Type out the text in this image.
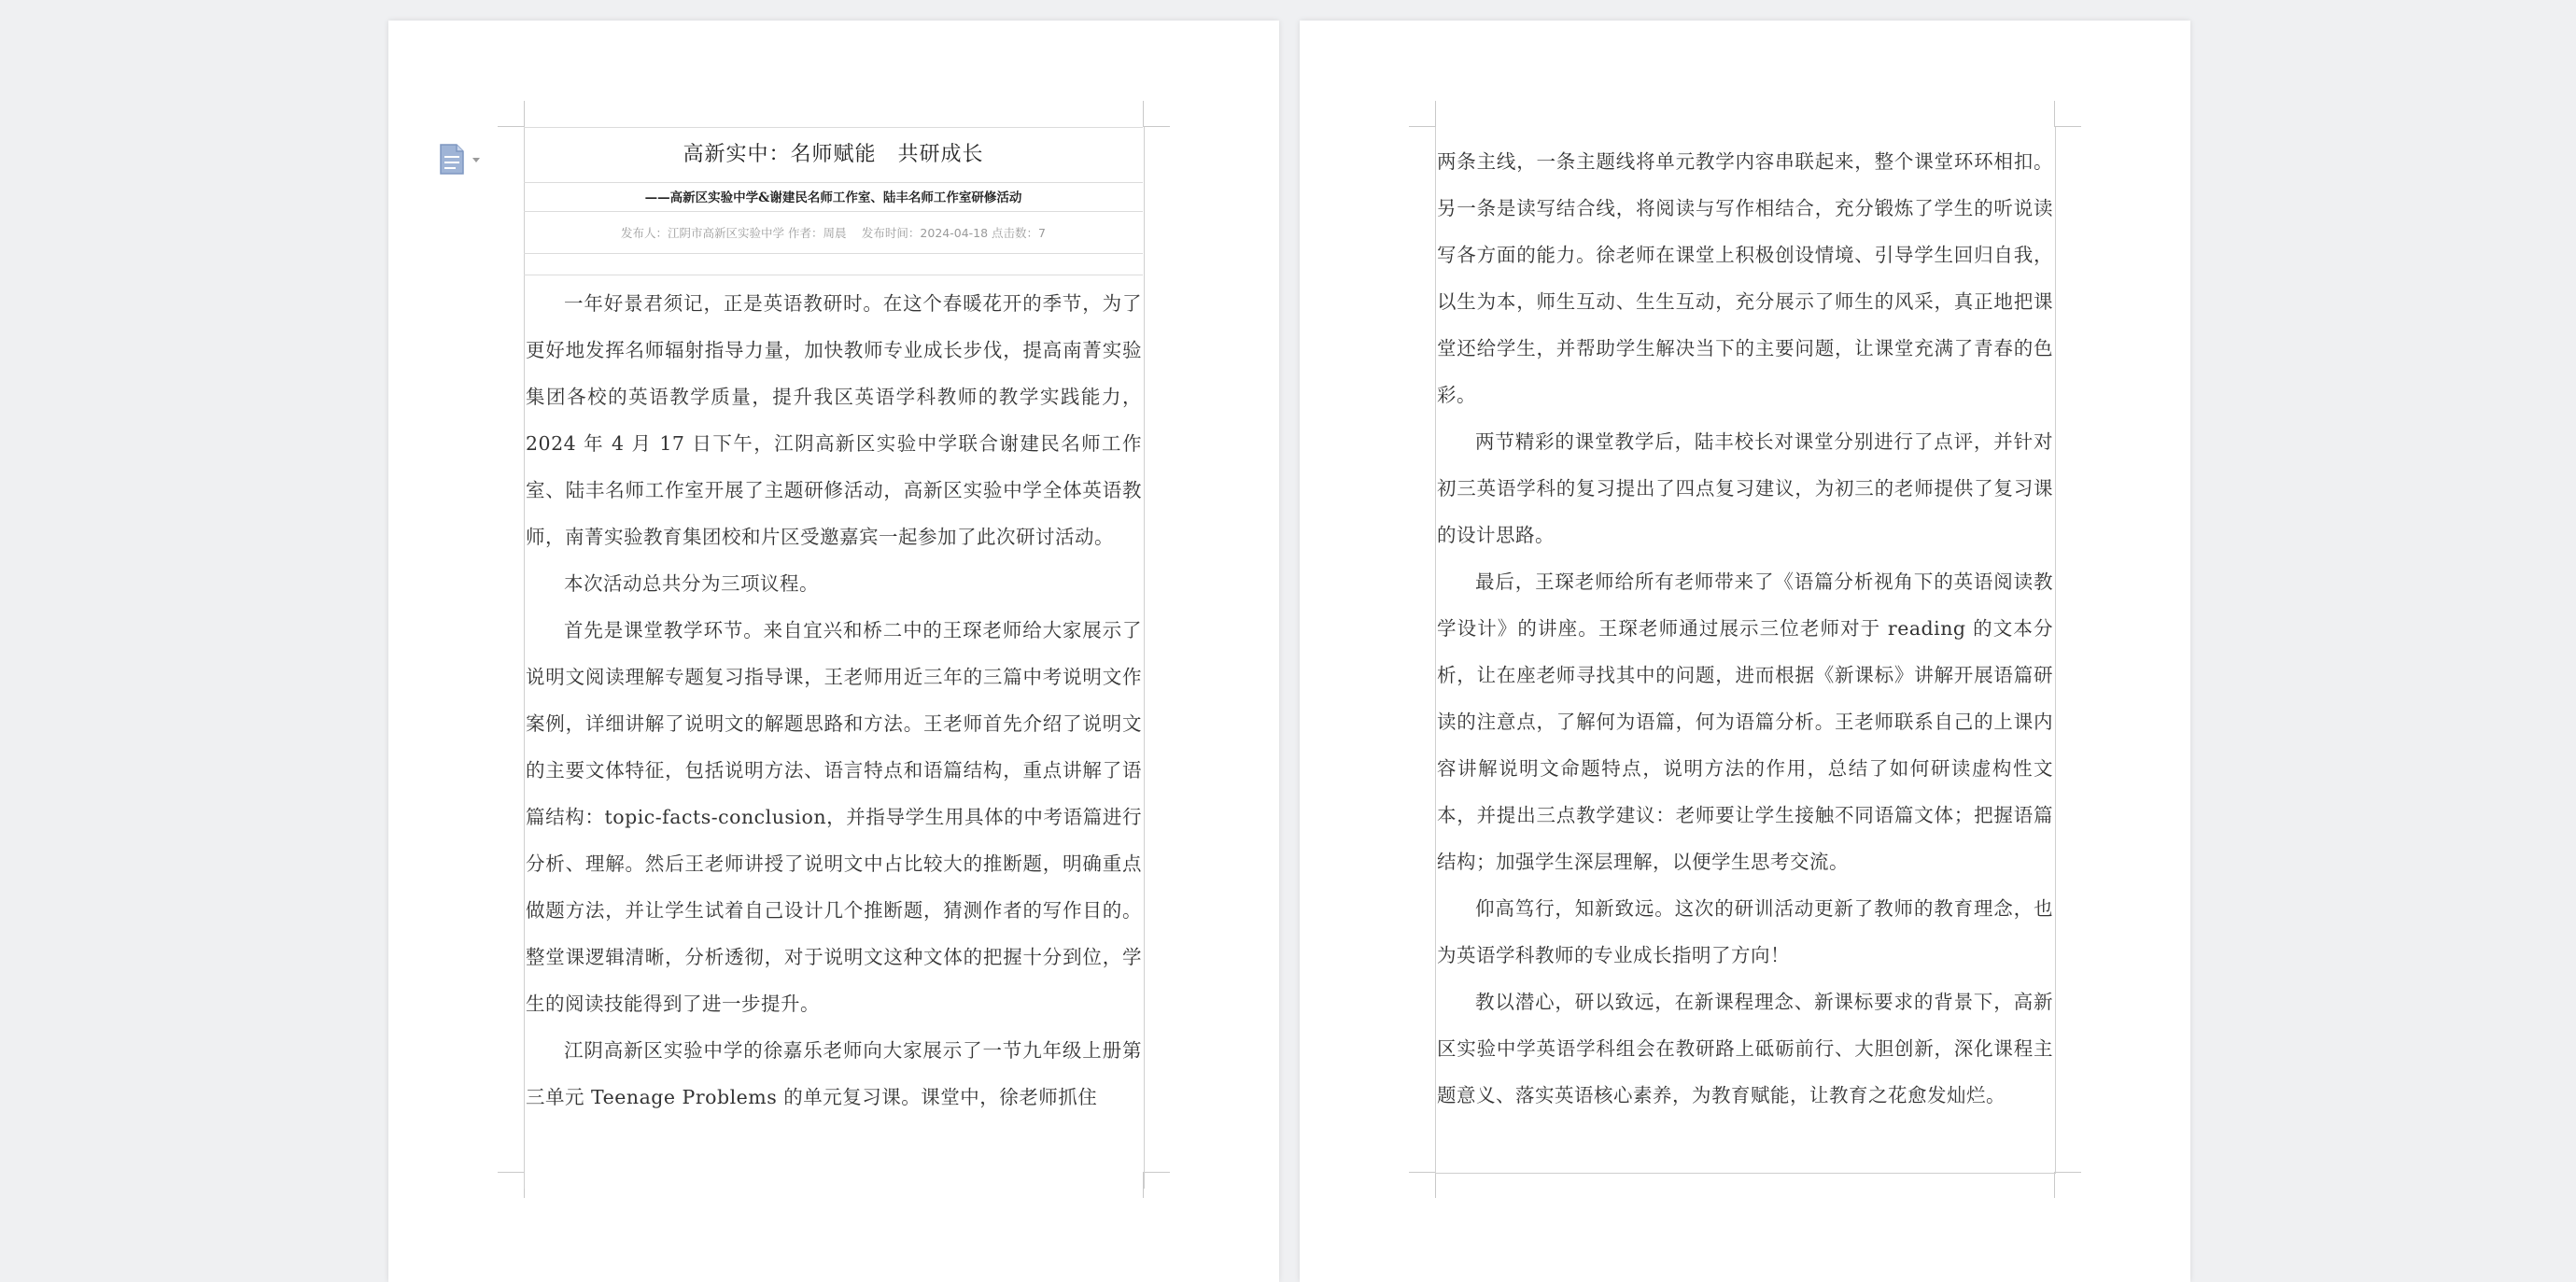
高新实中：名师赋能　共研成长
——高新区实验中学&谢建民名师工作室、陆丰名师工作室研修活动
发布人：江阴市高新区实验中学 作者：周晨　 发布时间：2024-04-18 点击数：7

一年好景君须记，正是英语教研时。在这个春暖花开的季节，为了更好地发挥名师辐射指导力量，加快教师专业成长步伐，提高南菁实验集团各校的英语教学质量，提升我区英语学科教师的教学实践能力，2024 年 4 月 17 日下午，江阴高新区实验中学联合谢建民名师工作室、陆丰名师工作室开展了主题研修活动，高新区实验中学全体英语教师，南菁实验教育集团校和片区受邀嘉宾一起参加了此次研讨活动。

本次活动总共分为三项议程。

首先是课堂教学环节。来自宜兴和桥二中的王琛老师给大家展示了说明文阅读理解专题复习指导课，王老师用近三年的三篇中考说明文作案例，详细讲解了说明文的解题思路和方法。王老师首先介绍了说明文的主要文体特征，包括说明方法、语言特点和语篇结构，重点讲解了语篇结构：topic-facts-conclusion，并指导学生用具体的中考语篇进行分析、理解。然后王老师讲授了说明文中占比较大的推断题，明确重点做题方法，并让学生试着自己设计几个推断题，猜测作者的写作目的。整堂课逻辑清晰，分析透彻，对于说明文这种文体的把握十分到位，学生的阅读技能得到了进一步提升。

江阴高新区实验中学的徐嘉乐老师向大家展示了一节九年级上册第三单元 Teenage Problems 的单元复习课。课堂中，徐老师抓住

两条主线，一条主题线将单元教学内容串联起来，整个课堂环环相扣。另一条是读写结合线，将阅读与写作相结合，充分锻炼了学生的听说读写各方面的能力。徐老师在课堂上积极创设情境、引导学生回归自我，以生为本，师生互动、生生互动，充分展示了师生的风采，真正地把课堂还给学生，并帮助学生解决当下的主要问题，让课堂充满了青春的色彩。

两节精彩的课堂教学后，陆丰校长对课堂分别进行了点评，并针对初三英语学科的复习提出了四点复习建议，为初三的老师提供了复习课的设计思路。

最后，王琛老师给所有老师带来了《语篇分析视角下的英语阅读教学设计》的讲座。王琛老师通过展示三位老师对于 reading 的文本分析，让在座老师寻找其中的问题，进而根据《新课标》讲解开展语篇研读的注意点，了解何为语篇，何为语篇分析。王老师联系自己的上课内容讲解说明文命题特点，说明方法的作用，总结了如何研读虚构性文本，并提出三点教学建议：老师要让学生接触不同语篇文体；把握语篇结构；加强学生深层理解，以便学生思考交流。

仰高笃行，知新致远。这次的研训活动更新了教师的教育理念，也为英语学科教师的专业成长指明了方向！

教以潜心，研以致远，在新课程理念、新课标要求的背景下，高新区实验中学英语学科组会在教研路上砥砺前行、大胆创新，深化课程主题意义、落实英语核心素养，为教育赋能，让教育之花愈发灿烂。
